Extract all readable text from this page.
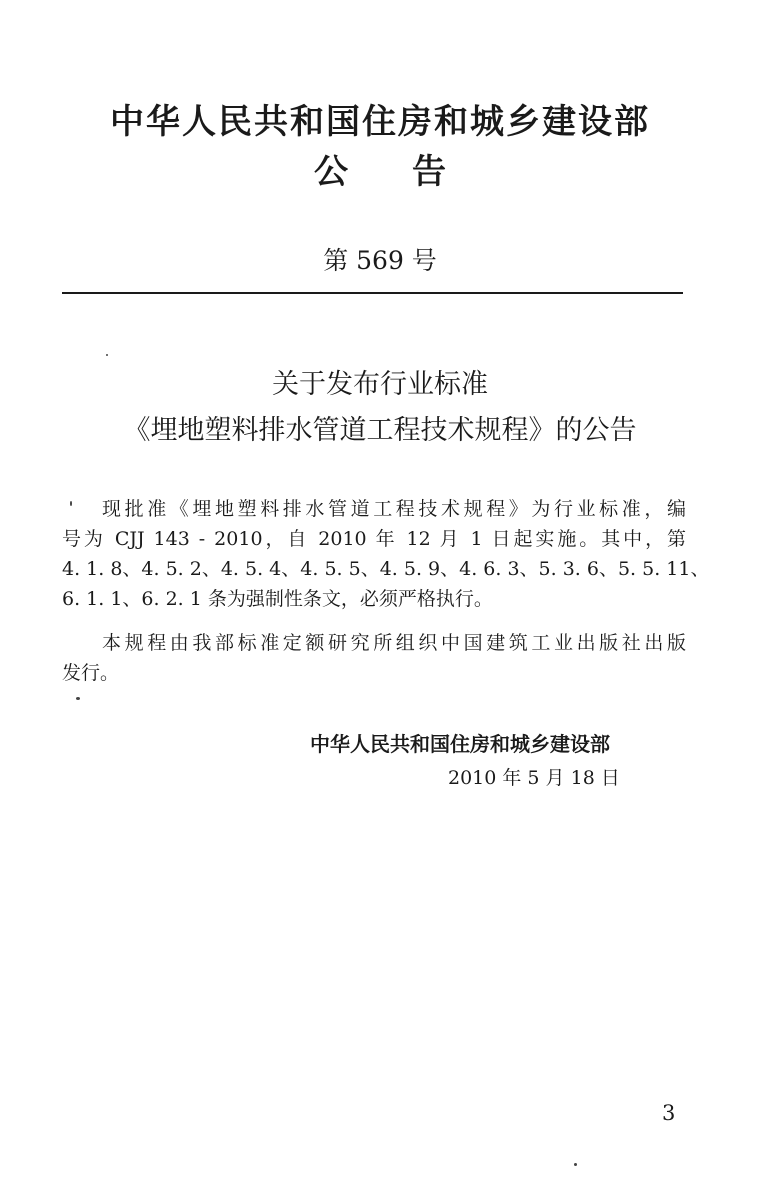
中华人民共和国住房和城乡建设部
公告
第 569 号
关于发布行业标准
《埋地塑料排水管道工程技术规程》的公告
现批准《埋地塑料排水管道工程技术规程》为行业标准，编
号为 CJJ 143 - 2010，自 2010 年 12 月 1 日起实施。其中，第
4. 1. 8、4. 5. 2、4. 5. 4、4. 5. 5、4. 5. 9、4. 6. 3、5. 3. 6、5. 5. 11、
6. 1. 1、6. 2. 1 条为强制性条文，必须严格执行。
本规程由我部标准定额研究所组织中国建筑工业出版社出版
发行。
中华人民共和国住房和城乡建设部
2010 年 5 月 18 日
3
